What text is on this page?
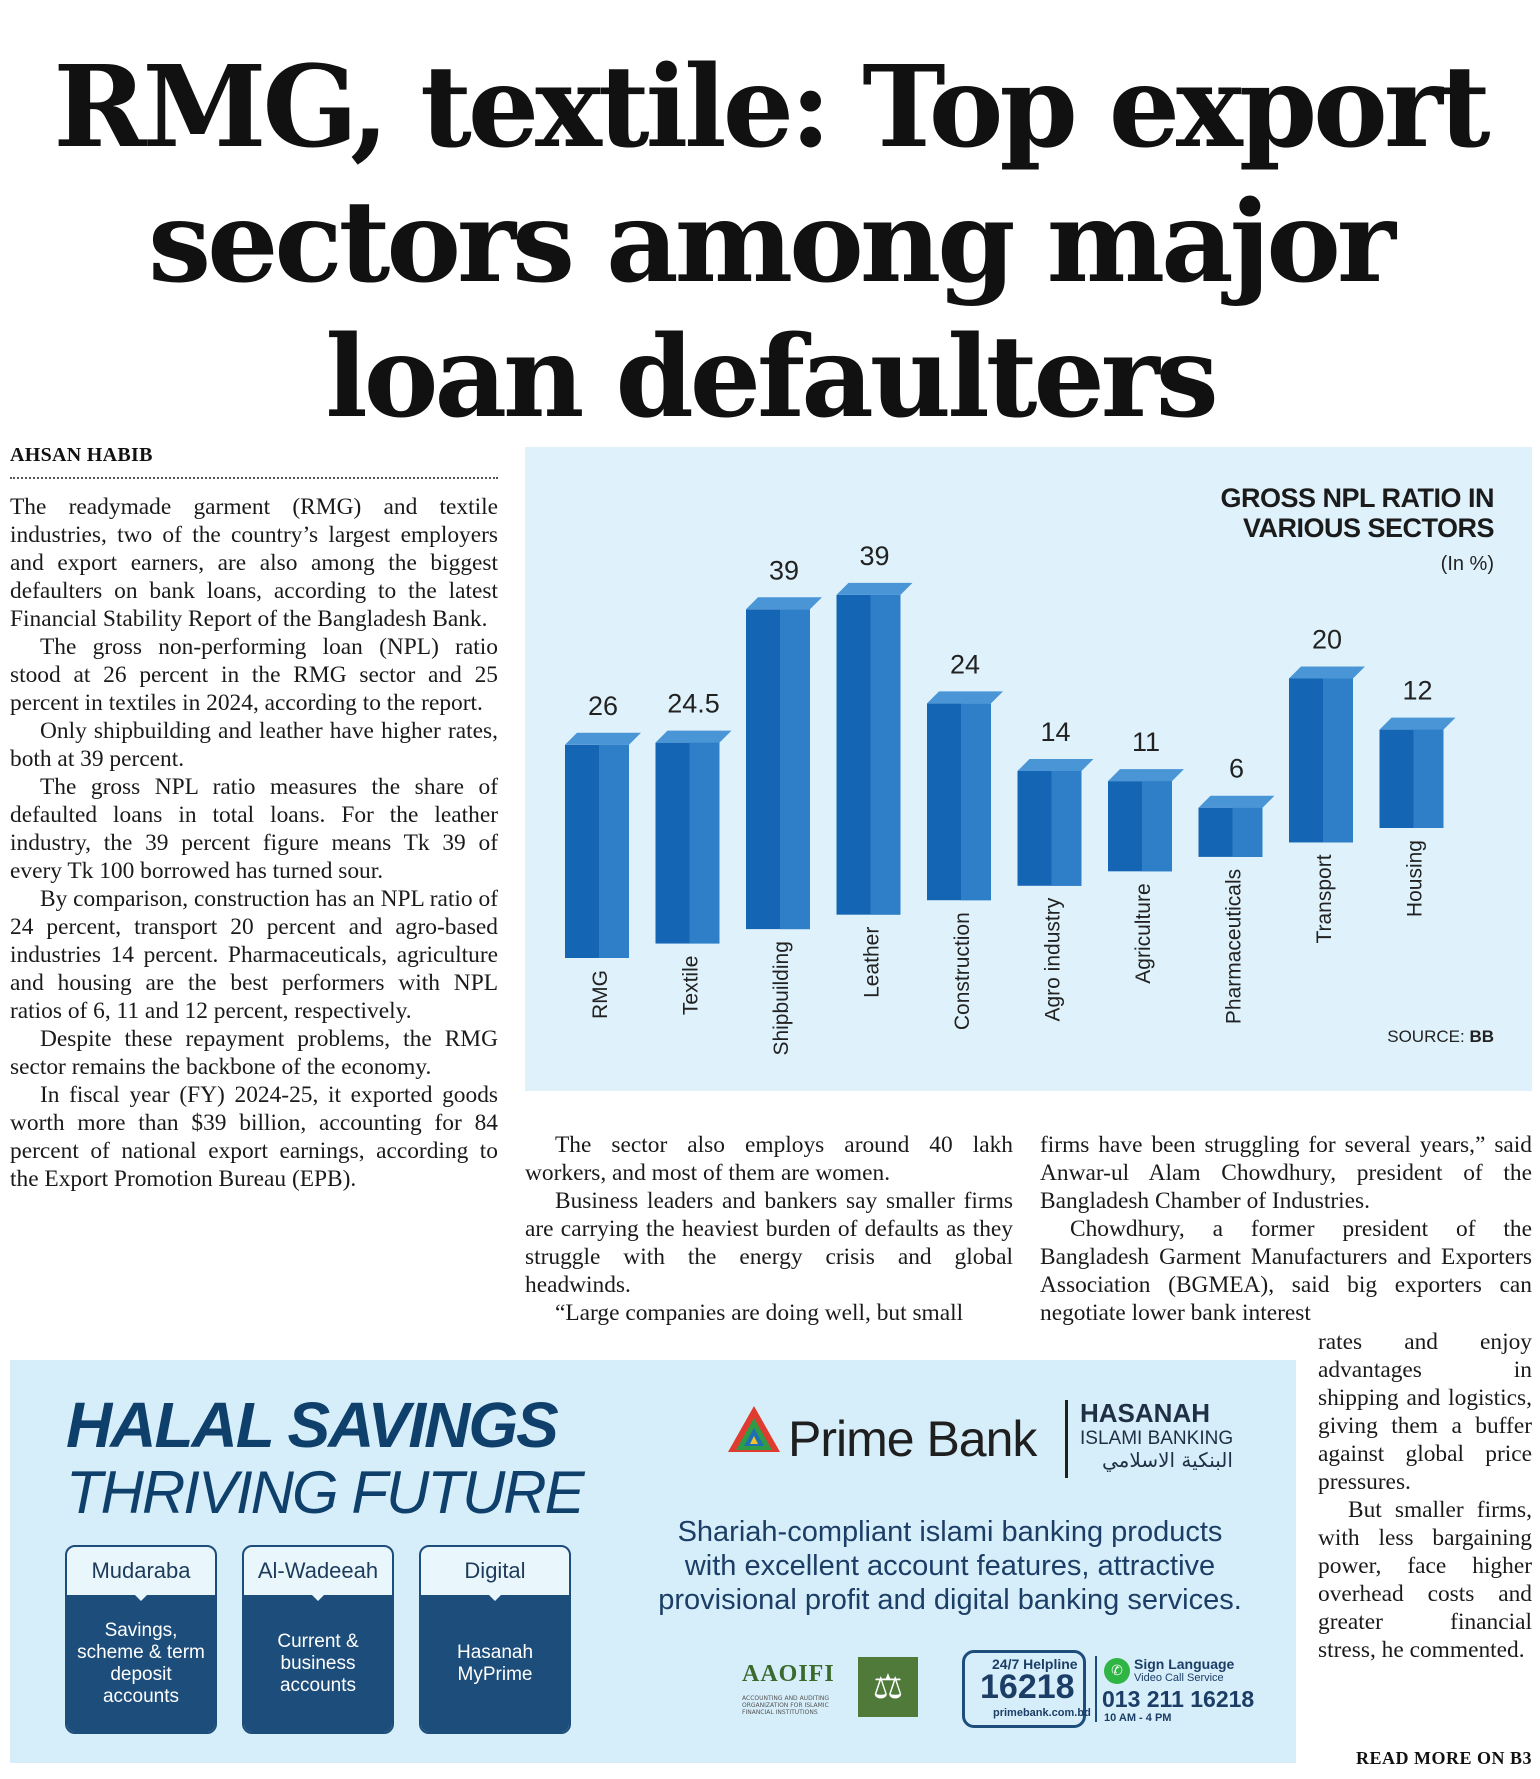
RMG, textile: Top export sectors among major loan defaulters
AHSAN HABIB

The readymade garment (RMG) and textile industries, two of the country’s largest employers and export earners, are also among the biggest defaulters on bank loans, according to the latest Financial Stability Report of the Bangladesh Bank.

The gross non-performing loan (NPL) ratio stood at 26 percent in the RMG sector and 25 percent in textiles in 2024, according to the report.

Only shipbuilding and leather have higher rates, both at 39 percent.

The gross NPL ratio measures the share of defaulted loans in total loans. For the leather industry, the 39 percent figure means Tk 39 of every Tk 100 borrowed has turned sour.

By comparison, construction has an NPL ratio of 24 percent, transport 20 percent and agro-based industries 14 percent. Pharmaceuticals, agriculture and housing are the best performers with NPL ratios of 6, 11 and 12 percent, respectively.

Despite these repayment problems, the RMG sector remains the backbone of the economy.

In fiscal year (FY) 2024-25, it exported goods worth more than $39 billion, accounting for 84 percent of national export earnings, according to the Export Promotion Bureau (EPB).

26
RMG
24.5
Textile
39
Shipbuilding
39
Leather
24
Construction
14
Agro industry
11
Agriculture
6
Pharmaceuticals
20
Transport
12
Housing
GROSS NPL RATIO IN
VARIOUS SECTORS
(In %)
SOURCE: BB

The sector also employs around 40 lakh workers, and most of them are women.

Business leaders and bankers say smaller firms are carrying the heaviest burden of defaults as they struggle with the energy crisis and global headwinds.

“Large companies are doing well, but small

firms have been struggling for several years,” said Anwar-ul Alam Chowdhury, president of the Bangladesh Chamber of Industries.

Chowdhury, a former president of the Bangladesh Garment Manufacturers and Exporters Association (BGMEA), said big exporters can negotiate lower bank interest

rates and enjoy advantages in shipping and logistics, giving them a buffer against global price pressures.

But smaller firms, with less bargaining power, face higher overhead costs and greater financial stress, he commented.

READ MORE ON B3
HALAL SAVINGS
THRIVING FUTURE
Mudaraba
Savings, scheme & term deposit accounts
Al-Wadeeah
Current & business accounts
Digital
Hasanah MyPrime
Prime Bank HASANAH
ISLAMI BANKING
البنكية الاسلامي
Shariah-compliant islami banking products with excellent account features, attractive provisional profit and digital banking services.
AAOIFI
ACCOUNTING AND AUDITING ORGANIZATION FOR ISLAMIC FINANCIAL INSTITUTIONS
⚖
24/7 Helpline
16218
primebank.com.bd
✆ Sign Language
Video Call Service
013 211 16218
10 AM - 4 PM
